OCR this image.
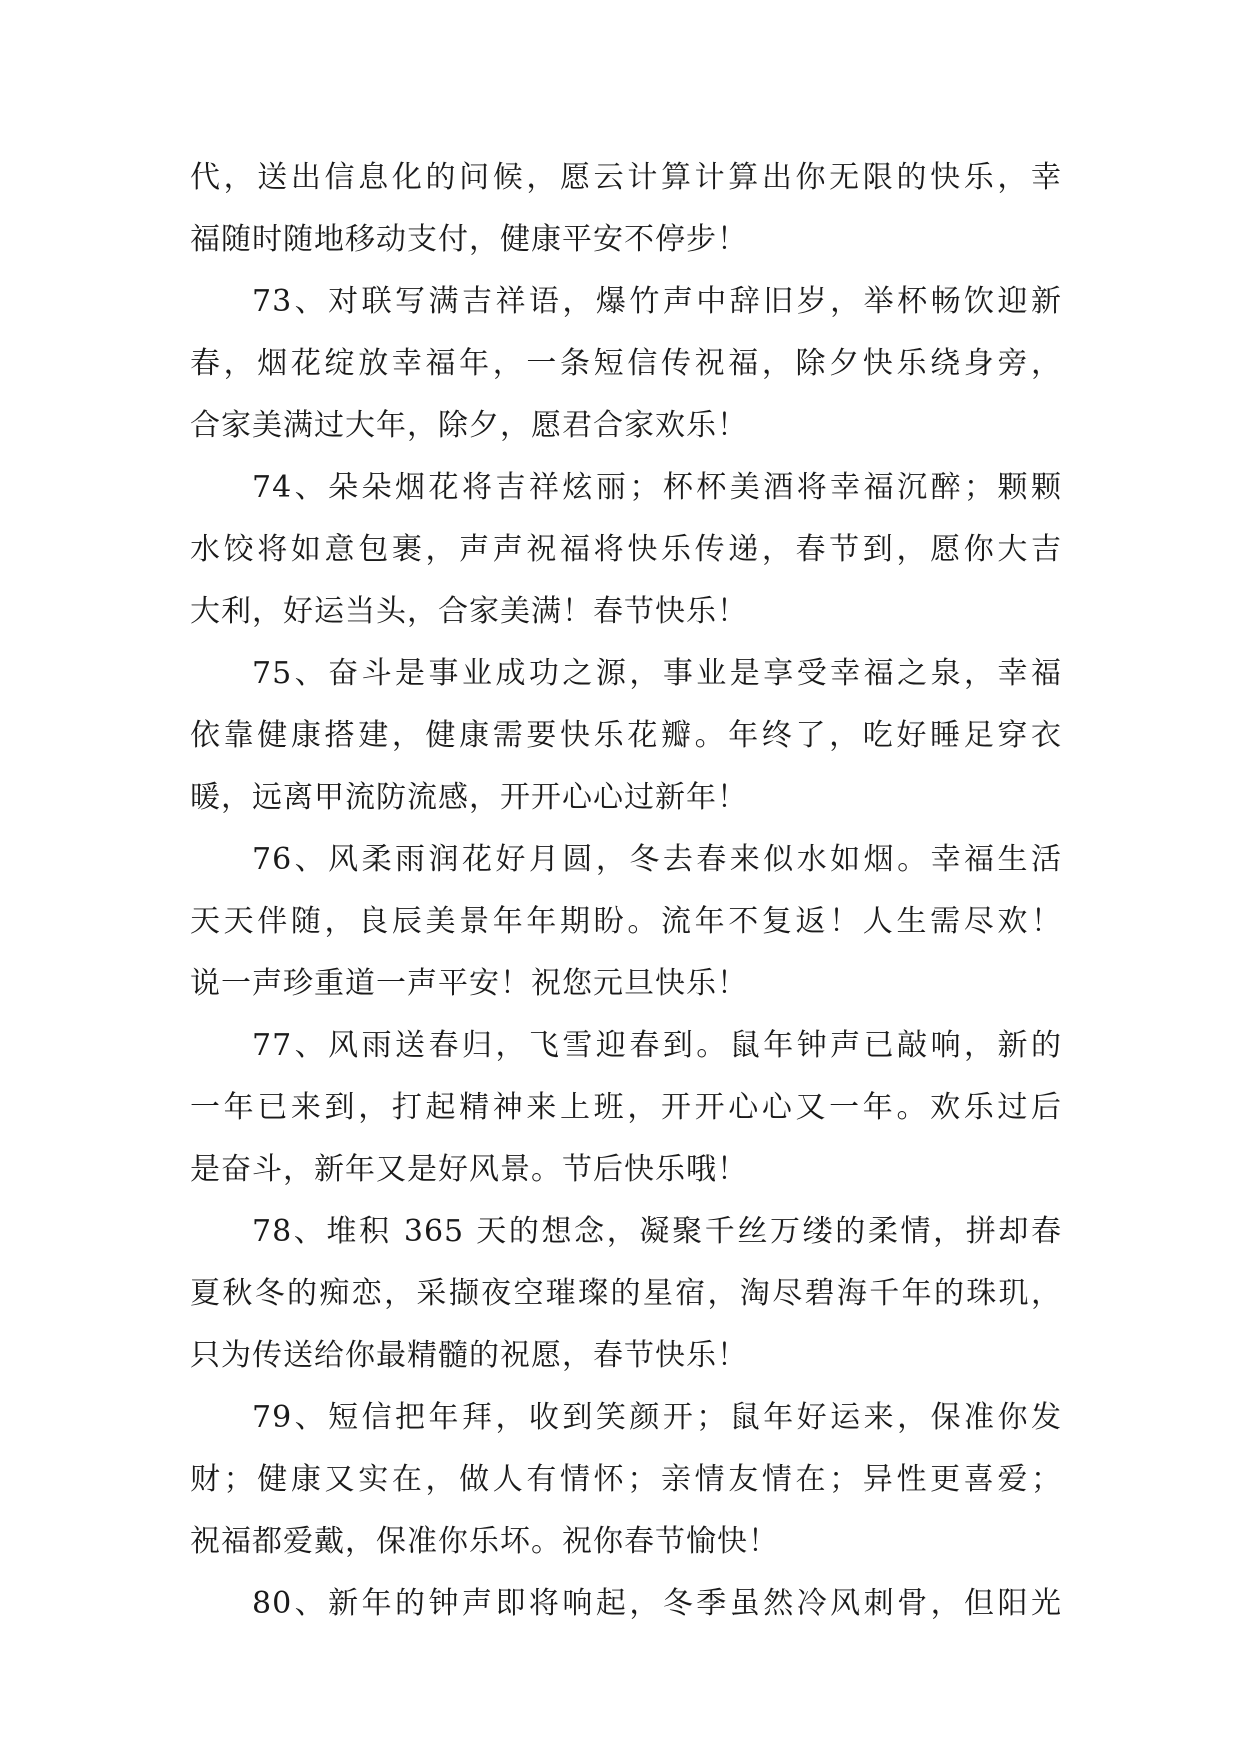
代，送出信息化的问候，愿云计算计算出你无限的快乐，幸
福随时随地移动支付，健康平安不停步！
73、对联写满吉祥语，爆竹声中辞旧岁，举杯畅饮迎新
春，烟花绽放幸福年，一条短信传祝福，除夕快乐绕身旁，
合家美满过大年，除夕，愿君合家欢乐！
74、朵朵烟花将吉祥炫丽；杯杯美酒将幸福沉醉；颗颗
水饺将如意包裹，声声祝福将快乐传递，春节到，愿你大吉
大利，好运当头，合家美满！春节快乐！
75、奋斗是事业成功之源，事业是享受幸福之泉，幸福
依靠健康搭建，健康需要快乐花瓣。年终了，吃好睡足穿衣
暖，远离甲流防流感，开开心心过新年！
76、风柔雨润花好月圆，冬去春来似水如烟。幸福生活
天天伴随，良辰美景年年期盼。流年不复返！人生需尽欢！
说一声珍重道一声平安！祝您元旦快乐！
77、风雨送春归，飞雪迎春到。鼠年钟声已敲响，新的
一年已来到，打起精神来上班，开开心心又一年。欢乐过后
是奋斗，新年又是好风景。节后快乐哦！
78、堆积 365 天的想念，凝聚千丝万缕的柔情，拼却春
夏秋冬的痴恋，采撷夜空璀璨的星宿，淘尽碧海千年的珠玑，
只为传送给你最精髓的祝愿，春节快乐！
79、短信把年拜，收到笑颜开；鼠年好运来，保准你发
财；健康又实在，做人有情怀；亲情友情在；异性更喜爱；
祝福都爱戴，保准你乐坏。祝你春节愉快！
80、新年的钟声即将响起，冬季虽然冷风刺骨，但阳光
